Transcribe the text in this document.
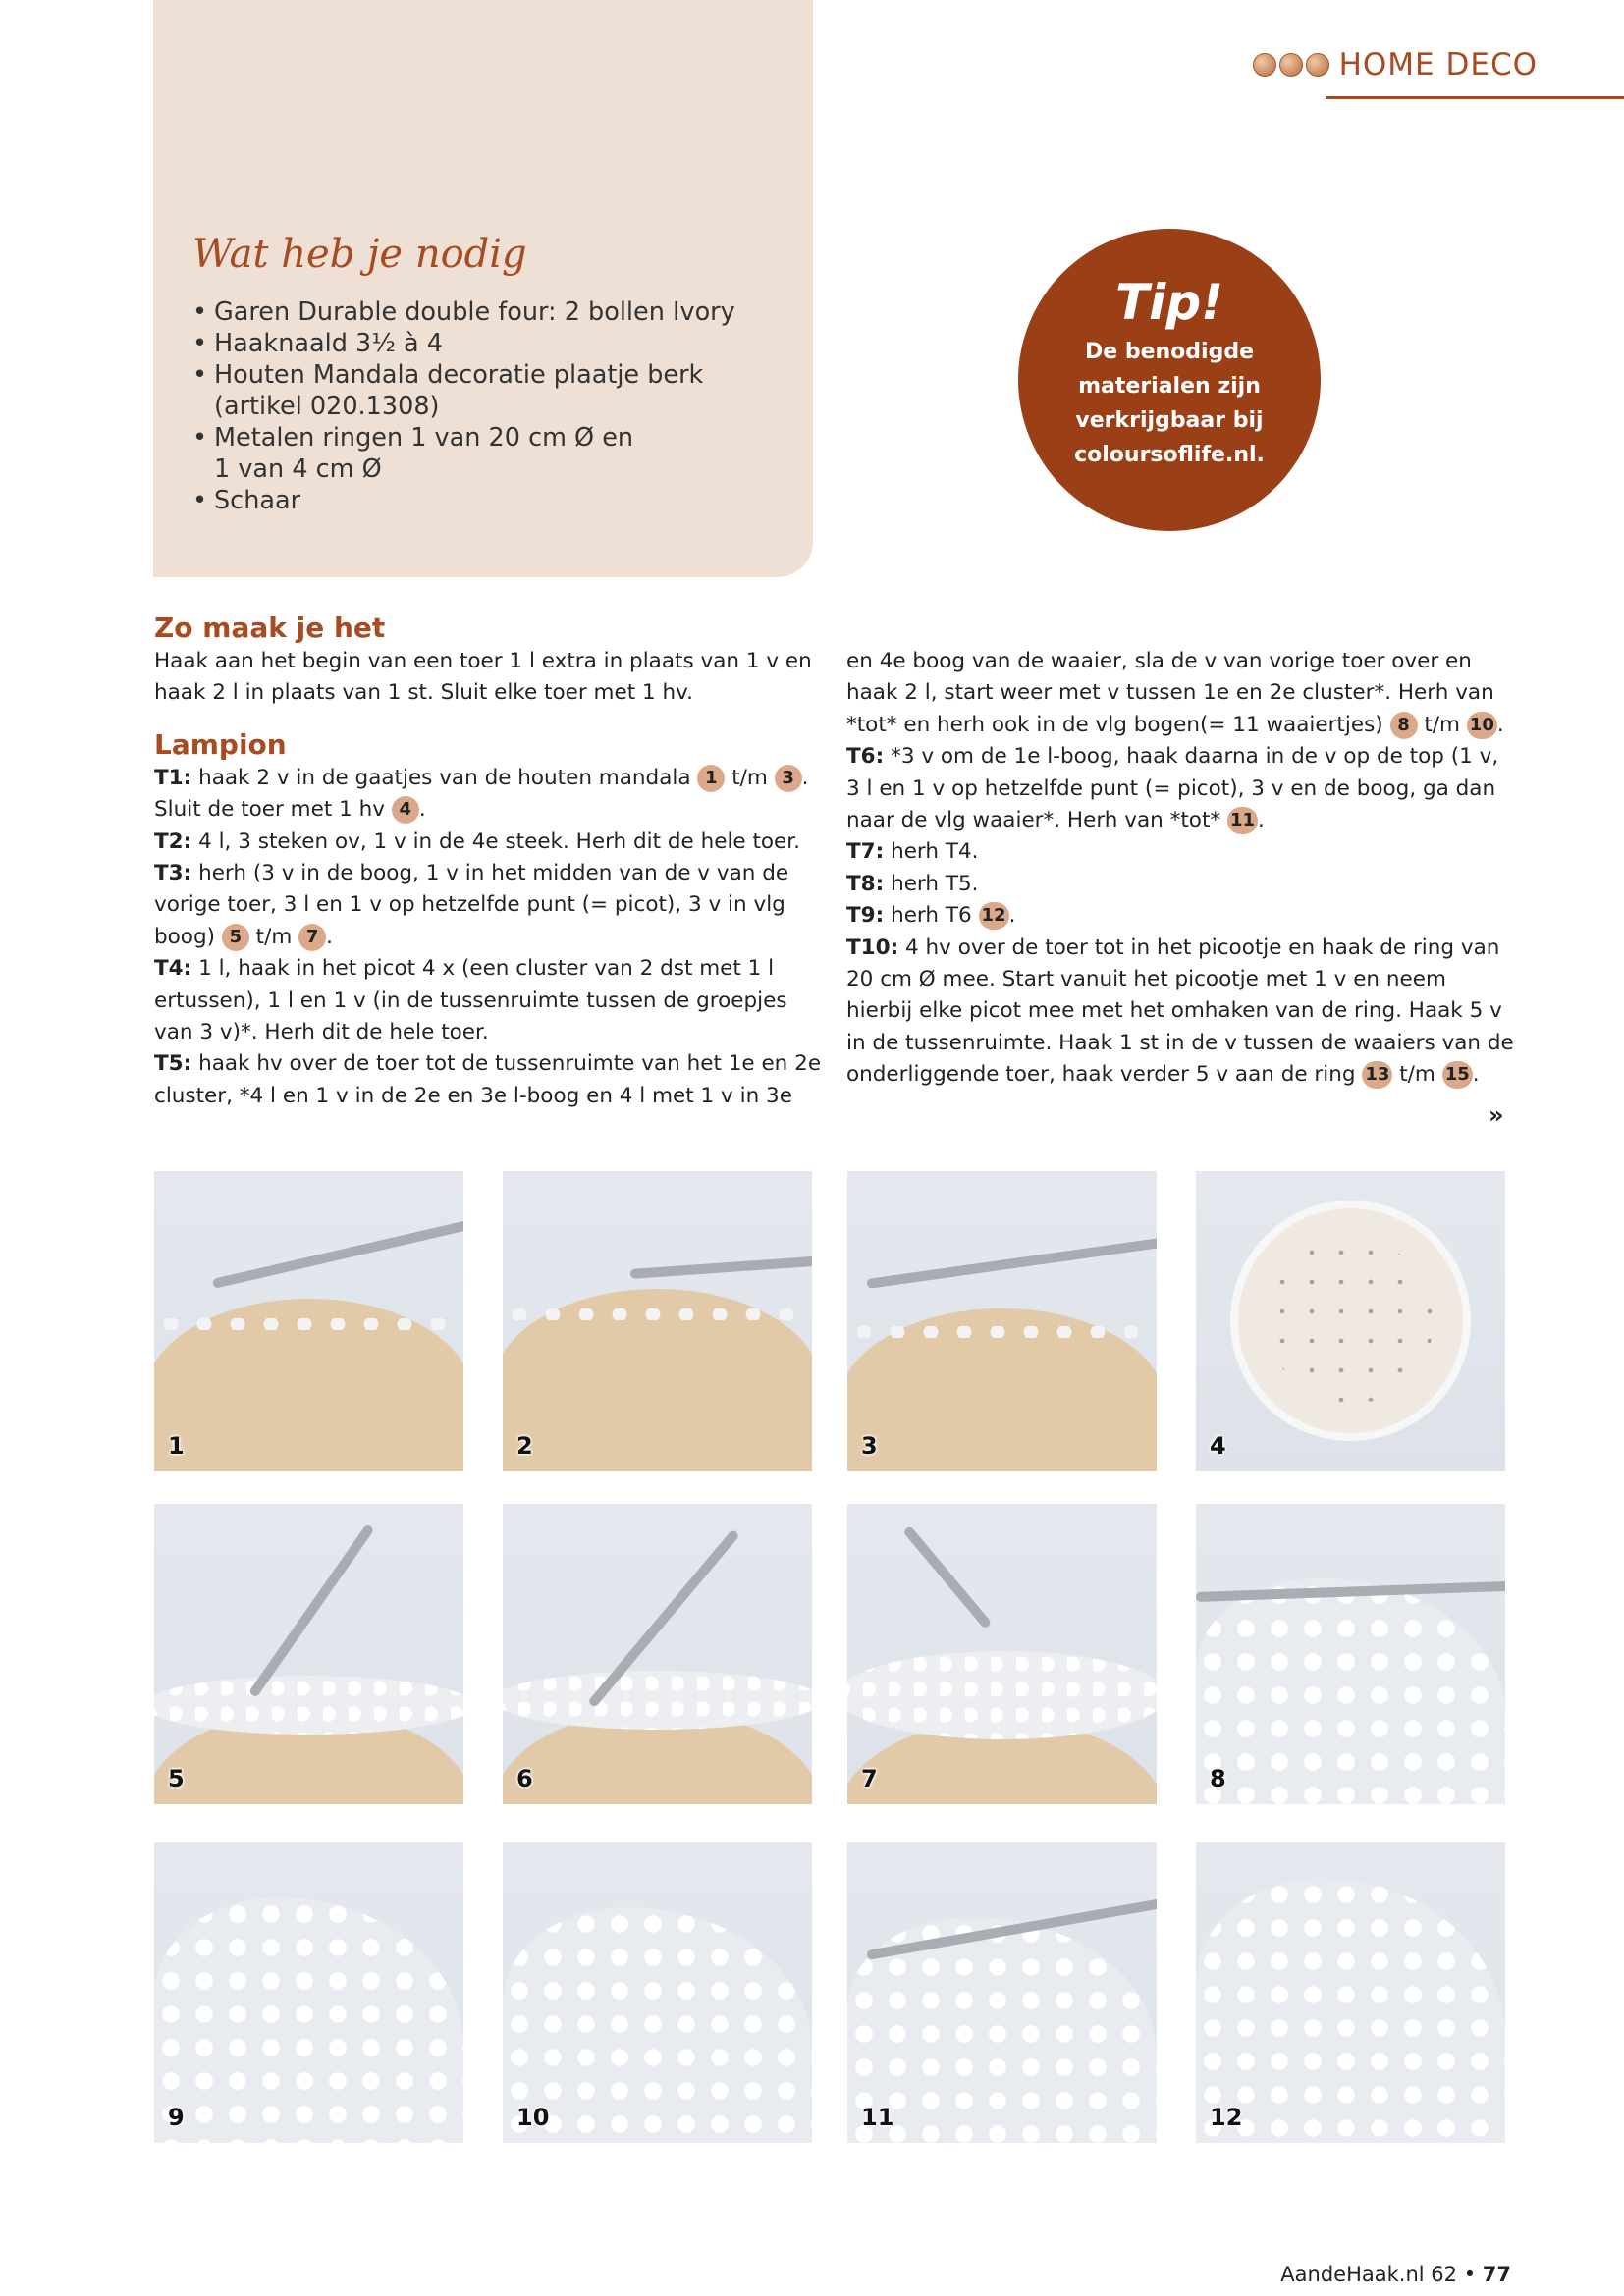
HOME DECO
Wat heb je nodig
• Garen Durable double four: 2 bollen Ivory
• Haaknaald 3½ à 4
• Houten Mandala decoratie plaatje berk
(artikel 020.1308)
• Metalen ringen 1 van 20 cm Ø en
1 van 4 cm Ø
• Schaar
Tip!
De benodigde
materialen zijn
verkrijgbaar bij
coloursoflife.nl.
Zo maak je het

Haak aan het begin van een toer 1 l extra in plaats van 1 v en haak 2 l in plaats van 1 st. Sluit elke toer met 1 hv.

Lampion

T1: haak 2 v in de gaatjes van de houten mandala 1 t/m 3 . Sluit de toer met 1 hv 4 .

T2: 4 l, 3 steken ov, 1 v in de 4e steek. Herh dit de hele toer.

T3: herh (3 v in de boog, 1 v in het midden van de v van de vorige toer, 3 l en 1 v op hetzelfde punt (= picot), 3 v in vlg boog) 5 t/m 7 .

T4: 1 l, haak in het picot 4 x (een cluster van 2 dst met 1 l ertussen), 1 l en 1 v (in de tussenruimte tussen de groepjes van 3 v)*. Herh dit de hele toer.

T5: haak hv over de toer tot de tussenruimte van het 1e en 2e cluster, *4 l en 1 v in de 2e en 3e l-boog en 4 l met 1 v in 3e

en 4e boog van de waaier, sla de v van vorige toer over en haak 2 l, start weer met v tussen 1e en 2e cluster*. Herh van *tot* en herh ook in de vlg bogen(= 11 waaiertjes) 8 t/m 10 .

T6: *3 v om de 1e l-boog, haak daarna in de v op de top (1 v, 3 l en 1 v op hetzelfde punt (= picot), 3 v en de boog, ga dan naar de vlg waaier*. Herh van *tot* 11 .

T7: herh T4.

T8: herh T5.

T9: herh T6 12 .

T10: 4 hv over de toer tot in het picootje en haak de ring van 20 cm Ø mee. Start vanuit het picootje met 1 v en neem hierbij elke picot mee met het omhaken van de ring. Haak 5 v in de tussenruimte. Haak 1 st in de v tussen de waaiers van de onderliggende toer, haak verder 5 v aan de ring 13 t/m 15 .

»
1	2	3	4
5	6	7	8
9	10	11	12
AandeHaak.nl 62 • 77
